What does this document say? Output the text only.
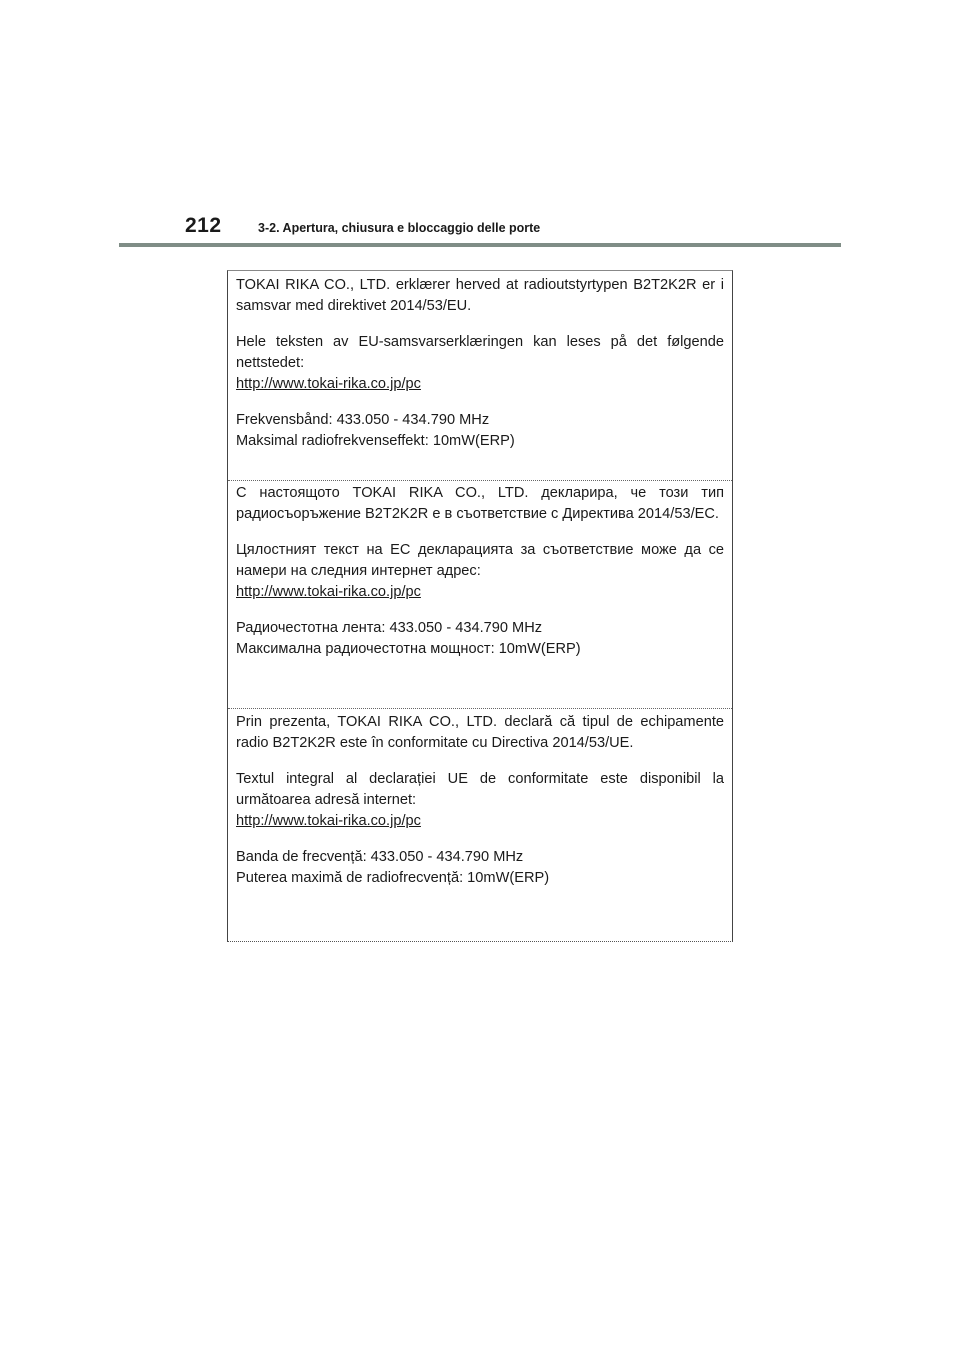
212	3-2. Apertura, chiusura e bloccaggio delle porte

TOKAI RIKA CO., LTD. erklærer herved at radioutstyrtypen B2T2K2R er i samsvar med direktivet 2014/53/EU.

Hele teksten av EU-samsvarserklæringen kan leses på det følgende nettstedet:

http://www.tokai-rika.co.jp/pc

Frekvensbånd: 433.050 - 434.790 MHz

Maksimal radiofrekvenseffekt: 10mW(ERP)

С настоящото TOKAI RIKA CO., LTD. декларира, че този тип радиосъоръжение B2T2K2R е в съответствие с Директива 2014/53/ЕС.

Цялостният текст на ЕС декларацията за съответствие може да се намери на следния интернет адрес:

http://www.tokai-rika.co.jp/pc

Радиочестотна лента: 433.050 - 434.790 MHz

Максимална радиочестотна мощност: 10mW(ERP)

Prin prezenta, TOKAI RIKA CO., LTD. declară că tipul de echipamente radio B2T2K2R este în conformitate cu Directiva 2014/53/UE.

Textul integral al declarației UE de conformitate este disponibil la următoarea adresă internet:

http://www.tokai-rika.co.jp/pc

Banda de frecvență: 433.050 - 434.790 MHz

Puterea maximă de radiofrecvență: 10mW(ERP)
